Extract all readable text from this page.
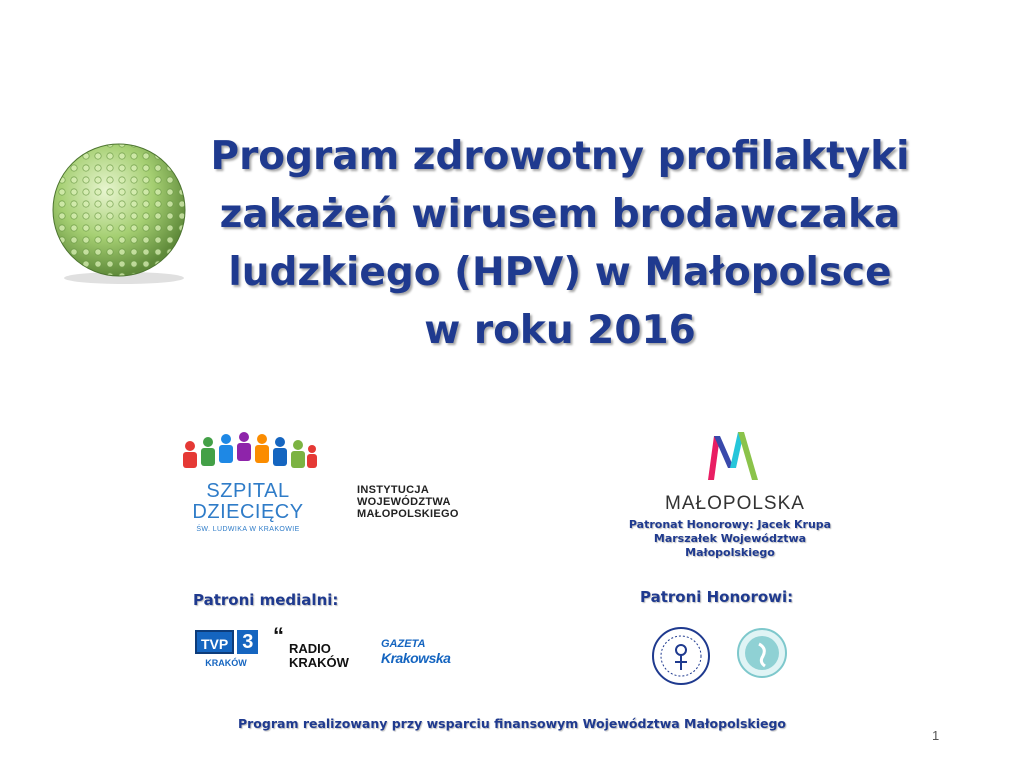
Program zdrowotny profilaktyki
zakażeń wirusem brodawczaka
ludzkiego (HPV) w Małopolsce
w roku 2016
SZPITAL
DZIECIĘCY
ŚW. LUDWIKA W KRAKOWIE
INSTYTUCJA
WOJEWÓDZTWA
MAŁOPOLSKIEGO	MAŁOPOLSKA
Patronat Honorowy: Jacek Krupa
Marszałek Województwa Małopolskiego
Patroni medialni:	Patroni Honorowi:
TVP 3
KRAKÓW
“
RADIO
KRAKÓW
GAZETA
Krakowska
Program realizowany przy wsparciu finansowym Województwa Małopolskiego
1
